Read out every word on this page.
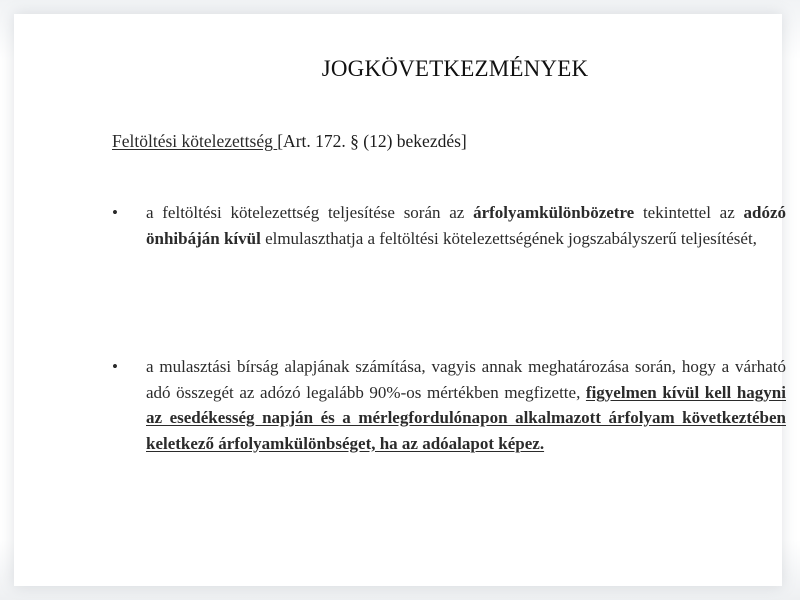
JOGKÖVETKEZMÉNYEK
Feltöltési kötelezettség [Art. 172. § (12) bekezdés]
•	a feltöltési kötelezettség teljesítése során az árfolyamkülönbözetre tekintettel az adózó önhibáján kívül elmulaszthatja a feltöltési kötelezettségének jogszabályszerű teljesítését,
•	a mulasztási bírság alapjának számítása, vagyis annak meghatározása során, hogy a várható adó összegét az adózó legalább 90%-os mértékben megfizette, figyelmen kívül kell hagyni az esedékesség napján és a mérlegfordulónapon alkalmazott árfolyam következtében keletkező árfolyamkülönbséget, ha az adóalapot képez.
